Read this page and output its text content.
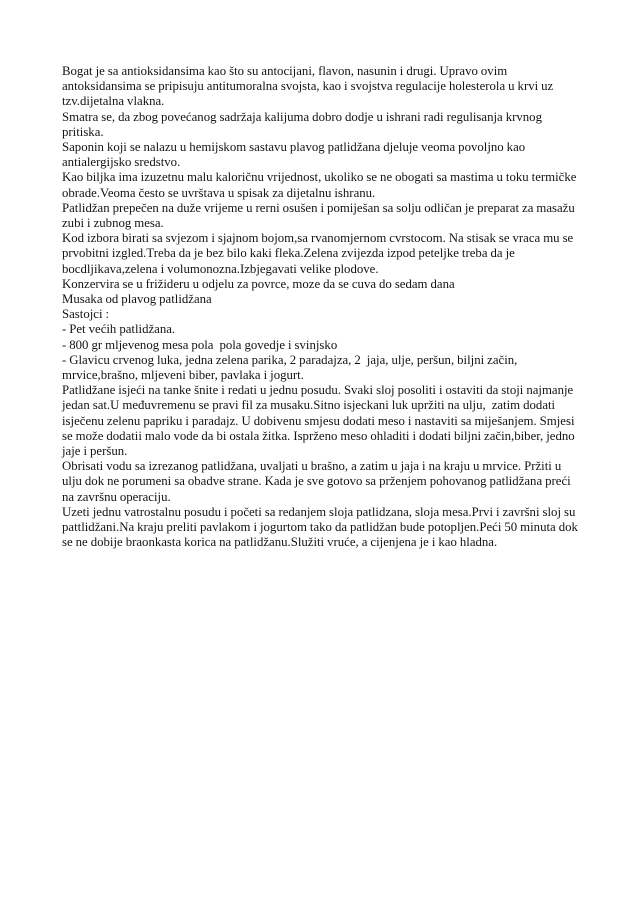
Bogat je sa antioksidansima kao što su antocijani, flavon, nasunin i drugi. Upravo ovim antoksidansima se pripisuju antitumoralna svojsta, kao i svojstva regulacije holesterola u krvi uz tzv.dijetalna vlakna.

Smatra se, da zbog povećanog sadržaja kalijuma dobro dodje u ishrani radi regulisanja krvnog pritiska.

Saponin koji se nalazu u hemijskom sastavu plavog patlidžana djeluje veoma povoljno kao antialergijsko sredstvo.

Kao biljka ima izuzetnu malu kaloričnu vrijednost, ukoliko se ne obogati sa mastima u toku termičke obrade.Veoma često se uvrštava u spisak za dijetalnu ishranu.

Patlidžan prepečen na duže vrijeme u rerni osušen i pomiješan sa solju odličan je preparat za masažu zubi i zubnog mesa.

Kod izbora birati sa svjezom i sjajnom bojom,sa rvanomjernom cvrstocom. Na stisak se vraca mu se prvobitni izgled.Treba da je bez bilo kaki fleka.Zelena zvijezda izpod peteljke treba da je bocdljikava,zelena i volumonozna.Izbjegavati velike plodove.

Konzervira se u frižideru u odjelu za povrce, moze da se cuva do sedam dana

Musaka od plavog patlidžana

Sastojci :

- Pet većih patlidžana.

- 800 gr mljevenog mesa pola  pola govedje i svinjsko

- Glavicu crvenog luka, jedna zelena parika, 2 paradajza, 2  jaja, ulje, peršun, biljni začin, mrvice,brašno, mljeveni biber, pavlaka i jogurt.

Patlidžane isjeći na tanke šnite i redati u jednu posudu. Svaki sloj posoliti i ostaviti da stoji najmanje jedan sat.U međuvremenu se pravi fil za musaku.Sitno isjeckani luk upržiti na ulju,  zatim dodati isječenu zelenu papriku i paradajz. U dobivenu smjesu dodati meso i nastaviti sa miješanjem. Smjesi  se može dodatii malo vode da bi ostala žitka. Isprženo meso ohladiti i dodati biljni začin,biber, jedno jaje i peršun.

Obrisati vodu sa izrezanog patlidžana, uvaljati u brašno, a zatim u jaja i na kraju u mrvice. Pržiti u ulju dok ne porumeni sa obadve strane. Kada je sve gotovo sa prženjem pohovanog patlidžana preći na završnu operaciju.

Uzeti jednu vatrostalnu posudu i početi sa redanjem sloja patlidzana, sloja mesa.Prvi i završni sloj su pattlidžani.Na kraju preliti pavlakom i jogurtom tako da patlidžan bude potopljen.Peći 50 minuta dok se ne dobije braonkasta korica na patlidžanu.Služiti vruće, a cijenjena je i kao hladna.
